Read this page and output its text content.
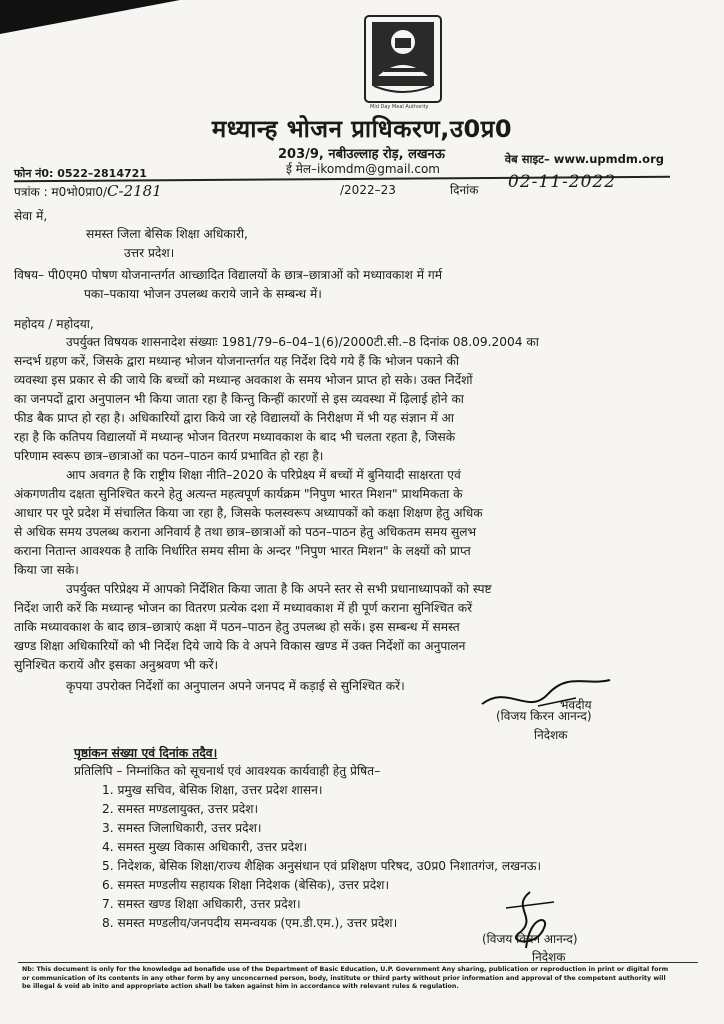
Mid Day Meal Authority
मध्यान्ह भोजन प्राधिकरण,उ0प्र0
203/9, नबीउल्लाह रोड़, लखनऊ	वेब साइट– www.upmdm.org
फोन नं0: 0522–2814721	ई मेल–ikomdm@gmail.com
पत्रांक : म0भो0प्रा0/C-2181	/2022–23	दिनांक 02-11-2022
सेवा में,
समस्त जिला बेसिक शिक्षा अधिकारी,
उत्तर प्रदेश।
विषय– पी0एम0 पोषण योजनान्तर्गत आच्छादित विद्यालयों के छात्र–छात्राओं को मध्यावकाश में गर्म
पका–पकाया भोजन उपलब्ध कराये जाने के सम्बन्ध में।
महोदय / महोदया,
उपर्युक्त विषयक शासनादेश संख्याः 1981/79–6–04–1(6)/2000टी.सी.–8 दिनांक 08.09.2004 का
सन्दर्भ ग्रहण करें, जिसके द्वारा मध्यान्ह भोजन योजनान्तर्गत यह निर्देश दिये गये हैं कि भोजन पकाने की
व्यवस्था इस प्रकार से की जाये कि बच्चों को मध्यान्ह अवकाश के समय भोजन प्राप्त हो सके। उक्त निर्देशों
का जनपदों द्वारा अनुपालन भी किया जाता रहा है किन्तु किन्हीं कारणों से इस व्यवस्था में ढ़िलाई होने का
फीड बैक प्राप्त हो रहा है। अधिकारियों द्वारा किये जा रहे विद्यालयों के निरीक्षण में भी यह संज्ञान में आ
रहा है कि कतिपय विद्यालयों में मध्यान्ह भोजन वितरण मध्यावकाश के बाद भी चलता रहता है, जिसके
परिणाम स्वरूप छात्र–छात्राओं का पठन–पाठन कार्य प्रभावित हो रहा है।
आप अवगत है कि राष्ट्रीय शिक्षा नीति–2020 के परिप्रेक्ष्य में बच्चों में बुनियादी साक्षरता एवं
अंकगणतीय दक्षता सुनिश्चित करने हेतु अत्यन्त महत्वपूर्ण कार्यक्रम "निपुण भारत मिशन" प्राथमिकता के
आधार पर पूरे प्रदेश में संचालित किया जा रहा है, जिसके फलस्वरूप अध्यापकों को कक्षा शिक्षण हेतु अधिक
से अधिक समय उपलब्ध कराना अनिवार्य है तथा छात्र–छात्राओं को पठन–पाठन हेतु अधिकतम समय सुलभ
कराना नितान्त आवश्यक है ताकि निर्धारित समय सीमा के अन्दर "निपुण भारत मिशन" के लक्ष्यों को प्राप्त
किया जा सके।
उपर्युक्त परिप्रेक्ष्य में आपको निर्देशित किया जाता है कि अपने स्तर से सभी प्रधानाध्यापकों को स्पष्ट
निर्देश जारी करें कि मध्यान्ह भोजन का वितरण प्रत्येक दशा में मध्यावकाश में ही पूर्ण कराना सुनिश्चित करें
ताकि मध्यावकाश के बाद छात्र–छात्राएं कक्षा में पठन–पाठन हेतु उपलब्ध हो सकें। इस सम्बन्ध में समस्त
खण्ड शिक्षा अधिकारियों को भी निर्देश दिये जाये कि वे अपने विकास खण्ड में उक्त निर्देशों का अनुपालन
सुनिश्चित करायें और इसका अनुश्रवण भी करें।
कृपया उपरोक्त निर्देशों का अनुपालन अपने जनपद में कड़ाई से सुनिश्चित करें।
भवदीय
(विजय किरन आनन्द)
निदेशक
पृष्ठांकन संख्या एवं दिनांक तदैव।
प्रतिलिपि – निम्नांकित को सूचनार्थ एवं आवश्यक कार्यवाही हेतु प्रेषित–
1. प्रमुख सचिव, बेसिक शिक्षा, उत्तर प्रदेश शासन।
2. समस्त मण्डलायुक्त, उत्तर प्रदेश।
3. समस्त जिलाधिकारी, उत्तर प्रदेश।
4. समस्त मुख्य विकास अधिकारी, उत्तर प्रदेश।
5. निदेशक, बेसिक शिक्षा/राज्य शैक्षिक अनुसंधान एवं प्रशिक्षण परिषद, उ0प्र0 निशातगंज, लखनऊ।
6. समस्त मण्डलीय सहायक शिक्षा निदेशक (बेसिक), उत्तर प्रदेश।
7. समस्त खण्ड शिक्षा अधिकारी, उत्तर प्रदेश।
8. समस्त मण्डलीय/जनपदीय समन्वयक (एम.डी.एम.), उत्तर प्रदेश।
(विजय किरन आनन्द)
निदेशक
Nb: This document is only for the knowledge ad bonafide use of the Department of Basic Education, U.P. Government Any sharing, publication or reproduction in print or digital form
or communication of its contents in any other form by any unconcerned person, body, institute or third party without prior information and approval of the competent authority will
be illegal & void ab inito and appropriate action shall be taken against him in accordance with relevant rules & regulation.
